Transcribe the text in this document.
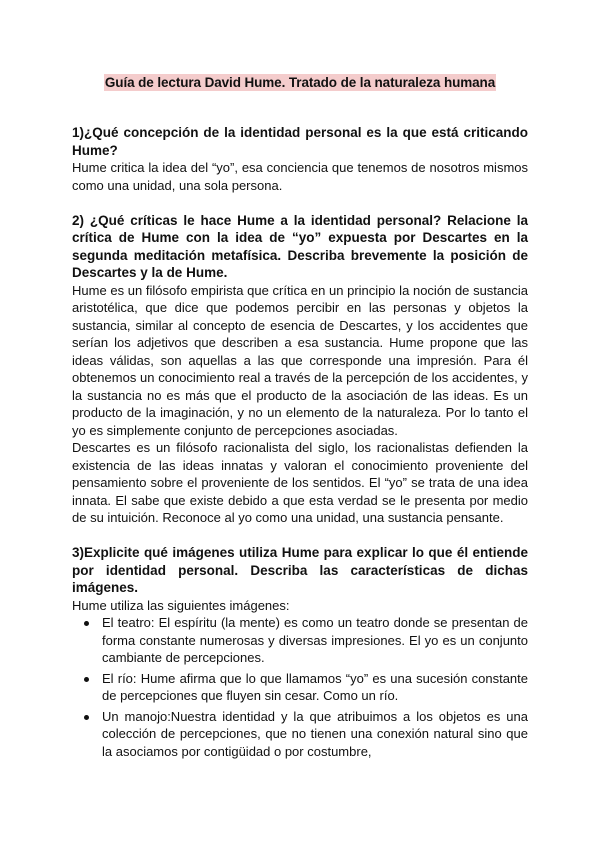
Guía de lectura David Hume. Tratado de la naturaleza humana

1)¿Qué concepción de la identidad personal es la que está criticando Hume?

Hume critica la idea del “yo”, esa conciencia que tenemos de nosotros mismos como una unidad, una sola persona.

2) ¿Qué críticas le hace Hume a la identidad personal? Relacione la crítica de Hume con la idea de “yo” expuesta por Descartes en la segunda meditación metafísica. Describa brevemente la posición de Descartes y la de Hume.

Hume es un filósofo empirista que crítica en un principio la noción de sustancia aristotélica, que dice que podemos percibir en las personas y objetos la sustancia, similar al concepto de esencia de Descartes, y los accidentes que serían los adjetivos que describen a esa sustancia. Hume propone que las ideas válidas, son aquellas a las que corresponde una impresión. Para él obtenemos un conocimiento real a través de la percepción de los accidentes, y la sustancia no es más que el producto de la asociación de las ideas. Es un producto de la imaginación, y no un elemento de la naturaleza. Por lo tanto el yo es simplemente conjunto de percepciones asociadas.

Descartes es un filósofo racionalista del siglo, los racionalistas defienden la existencia de las ideas innatas y valoran el conocimiento proveniente del pensamiento sobre el proveniente de los sentidos. El “yo” se trata de una idea innata. El sabe que existe debido a que esta verdad se le presenta por medio de su intuición. Reconoce al yo como una unidad, una sustancia pensante.

3)Explicite qué imágenes utiliza Hume para explicar lo que él entiende por identidad personal. Describa las características de dichas imágenes.

Hume utiliza las siguientes imágenes:

El teatro: El espíritu (la mente) es como un teatro donde se presentan de forma constante numerosas y diversas impresiones. El yo es un conjunto cambiante de percepciones.
El río: Hume afirma que lo que llamamos “yo” es una sucesión constante de percepciones que fluyen sin cesar. Como un río.
Un manojo:Nuestra identidad y la que atribuimos a los objetos es una colección de percepciones, que no tienen una conexión natural sino que la asociamos por contigüidad o por costumbre,
